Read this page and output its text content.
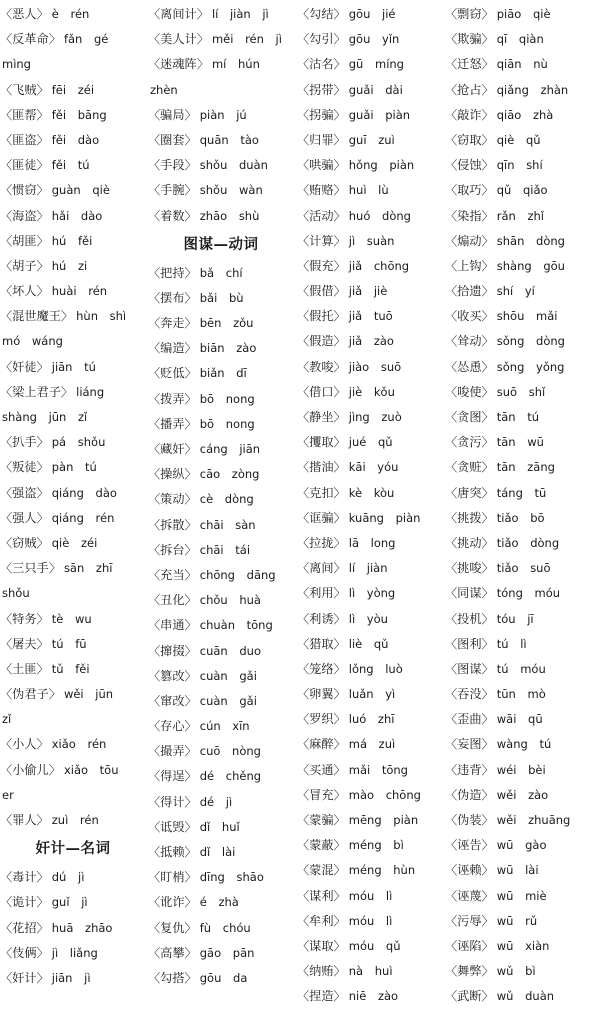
〈恶人〉 è rén
〈反革命〉 fǎn gé
mìng
〈飞贼〉 fēi zéi
〈匪帮〉 fěi bāng
〈匪盗〉 fěi dào
〈匪徒〉 fěi tú
〈惯窃〉 guàn qiè
〈海盗〉 hǎi dào
〈胡匪〉 hú fěi
〈胡子〉 hú zi
〈坏人〉 huài rén
〈混世魔王〉 hùn shì
mó wáng
〈奸徒〉 jiān tú
〈梁上君子〉 liáng
shàng jūn zǐ
〈扒手〉 pá shǒu
〈叛徒〉 pàn tú
〈强盗〉 qiáng dào
〈强人〉 qiáng rén
〈窃贼〉 qiè zéi
〈三只手〉 sān zhī
shǒu
〈特务〉 tè wu
〈屠夫〉 tú fū
〈土匪〉 tǔ fěi
〈伪君子〉 wěi jūn
zǐ
〈小人〉 xiǎo rén
〈小偷儿〉 xiǎo tōu
er
〈罪人〉 zuì rén
奸计—名词
〈毒计〉 dú jì
〈诡计〉 guǐ jì
〈花招〉 huā zhāo
〈伎俩〉 jì liǎng
〈奸计〉 jiān jì
〈离间计〉 lí jiàn jì
〈美人计〉 měi rén jì
〈迷魂阵〉 mí hún
zhèn
〈骗局〉 piàn jú
〈圈套〉 quān tào
〈手段〉 shǒu duàn
〈手腕〉 shǒu wàn
〈着数〉 zhāo shù
图谋—动词
〈把持〉 bǎ chí
〈摆布〉 bǎi bù
〈奔走〉 bēn zǒu
〈编造〉 biān zào
〈贬低〉 biǎn dī
〈拨弄〉 bō nong
〈播弄〉 bō nong
〈藏奸〉 cáng jiān
〈操纵〉 cāo zòng
〈策动〉 cè dòng
〈拆散〉 chāi sàn
〈拆台〉 chāi tái
〈充当〉 chōng dāng
〈丑化〉 chǒu huà
〈串通〉 chuàn tōng
〈撺掇〉 cuān duo
〈篡改〉 cuàn gǎi
〈窜改〉 cuàn gǎi
〈存心〉 cún xīn
〈撮弄〉 cuō nòng
〈得逞〉 dé chěng
〈得计〉 dé jì
〈诋毁〉 dǐ huǐ
〈抵赖〉 dǐ lài
〈盯梢〉 dīng shāo
〈讹诈〉 é zhà
〈复仇〉 fù chóu
〈高攀〉 gāo pān
〈勾搭〉 gōu da
〈勾结〉 gōu jié
〈勾引〉 gōu yǐn
〈沽名〉 gū míng
〈拐带〉 guǎi dài
〈拐骗〉 guǎi piàn
〈归罪〉 guī zuì
〈哄骗〉 hǒng piàn
〈贿赂〉 huì lù
〈活动〉 huó dòng
〈计算〉 jì suàn
〈假充〉 jiǎ chōng
〈假借〉 jiǎ jiè
〈假托〉 jiǎ tuō
〈假造〉 jiǎ zào
〈教唆〉 jiào suō
〈借口〉 jiè kǒu
〈静坐〉 jìng zuò
〈攫取〉 jué qǔ
〈揩油〉 kāi yóu
〈克扣〉 kè kòu
〈诓骗〉 kuāng piàn
〈拉拢〉 lā long
〈离间〉 lí jiàn
〈利用〉 lì yòng
〈利诱〉 lì yòu
〈猎取〉 liè qǔ
〈笼络〉 lǒng luò
〈卵翼〉 luǎn yì
〈罗织〉 luó zhī
〈麻醉〉 má zuì
〈买通〉 mǎi tōng
〈冒充〉 mào chōng
〈蒙骗〉 mēng piàn
〈蒙蔽〉 méng bì
〈蒙混〉 méng hùn
〈谋利〉 móu lì
〈牟利〉 móu lì
〈谋取〉 móu qǔ
〈纳贿〉 nà huì
〈捏造〉 niē zào
〈剽窃〉 piāo qiè
〈欺骗〉 qī qiàn
〈迁怒〉 qiān nù
〈抢占〉 qiǎng zhàn
〈敲诈〉 qiāo zhà
〈窃取〉 qiè qǔ
〈侵蚀〉 qīn shí
〈取巧〉 qǔ qiǎo
〈染指〉 rǎn zhǐ
〈煽动〉 shān dòng
〈上钩〉 shàng gōu
〈拾遗〉 shí yí
〈收买〉 shōu mǎi
〈耸动〉 sǒng dòng
〈怂恿〉 sǒng yǒng
〈唆使〉 suō shǐ
〈贪图〉 tān tú
〈贪污〉 tān wū
〈贪赃〉 tān zāng
〈唐突〉 táng tū
〈挑拨〉 tiǎo bō
〈挑动〉 tiǎo dòng
〈挑唆〉 tiǎo suō
〈同谋〉 tóng móu
〈投机〉 tóu jī
〈图利〉 tú lì
〈图谋〉 tú móu
〈吞没〉 tūn mò
〈歪曲〉 wāi qū
〈妄图〉 wàng tú
〈违背〉 wéi bèi
〈伪造〉 wěi zào
〈伪装〉 wěi zhuāng
〈诬告〉 wū gào
〈诬赖〉 wū lài
〈诬蔑〉 wū miè
〈污辱〉 wū rǔ
〈诬陷〉 wū xiàn
〈舞弊〉 wǔ bì
〈武断〉 wǔ duàn
